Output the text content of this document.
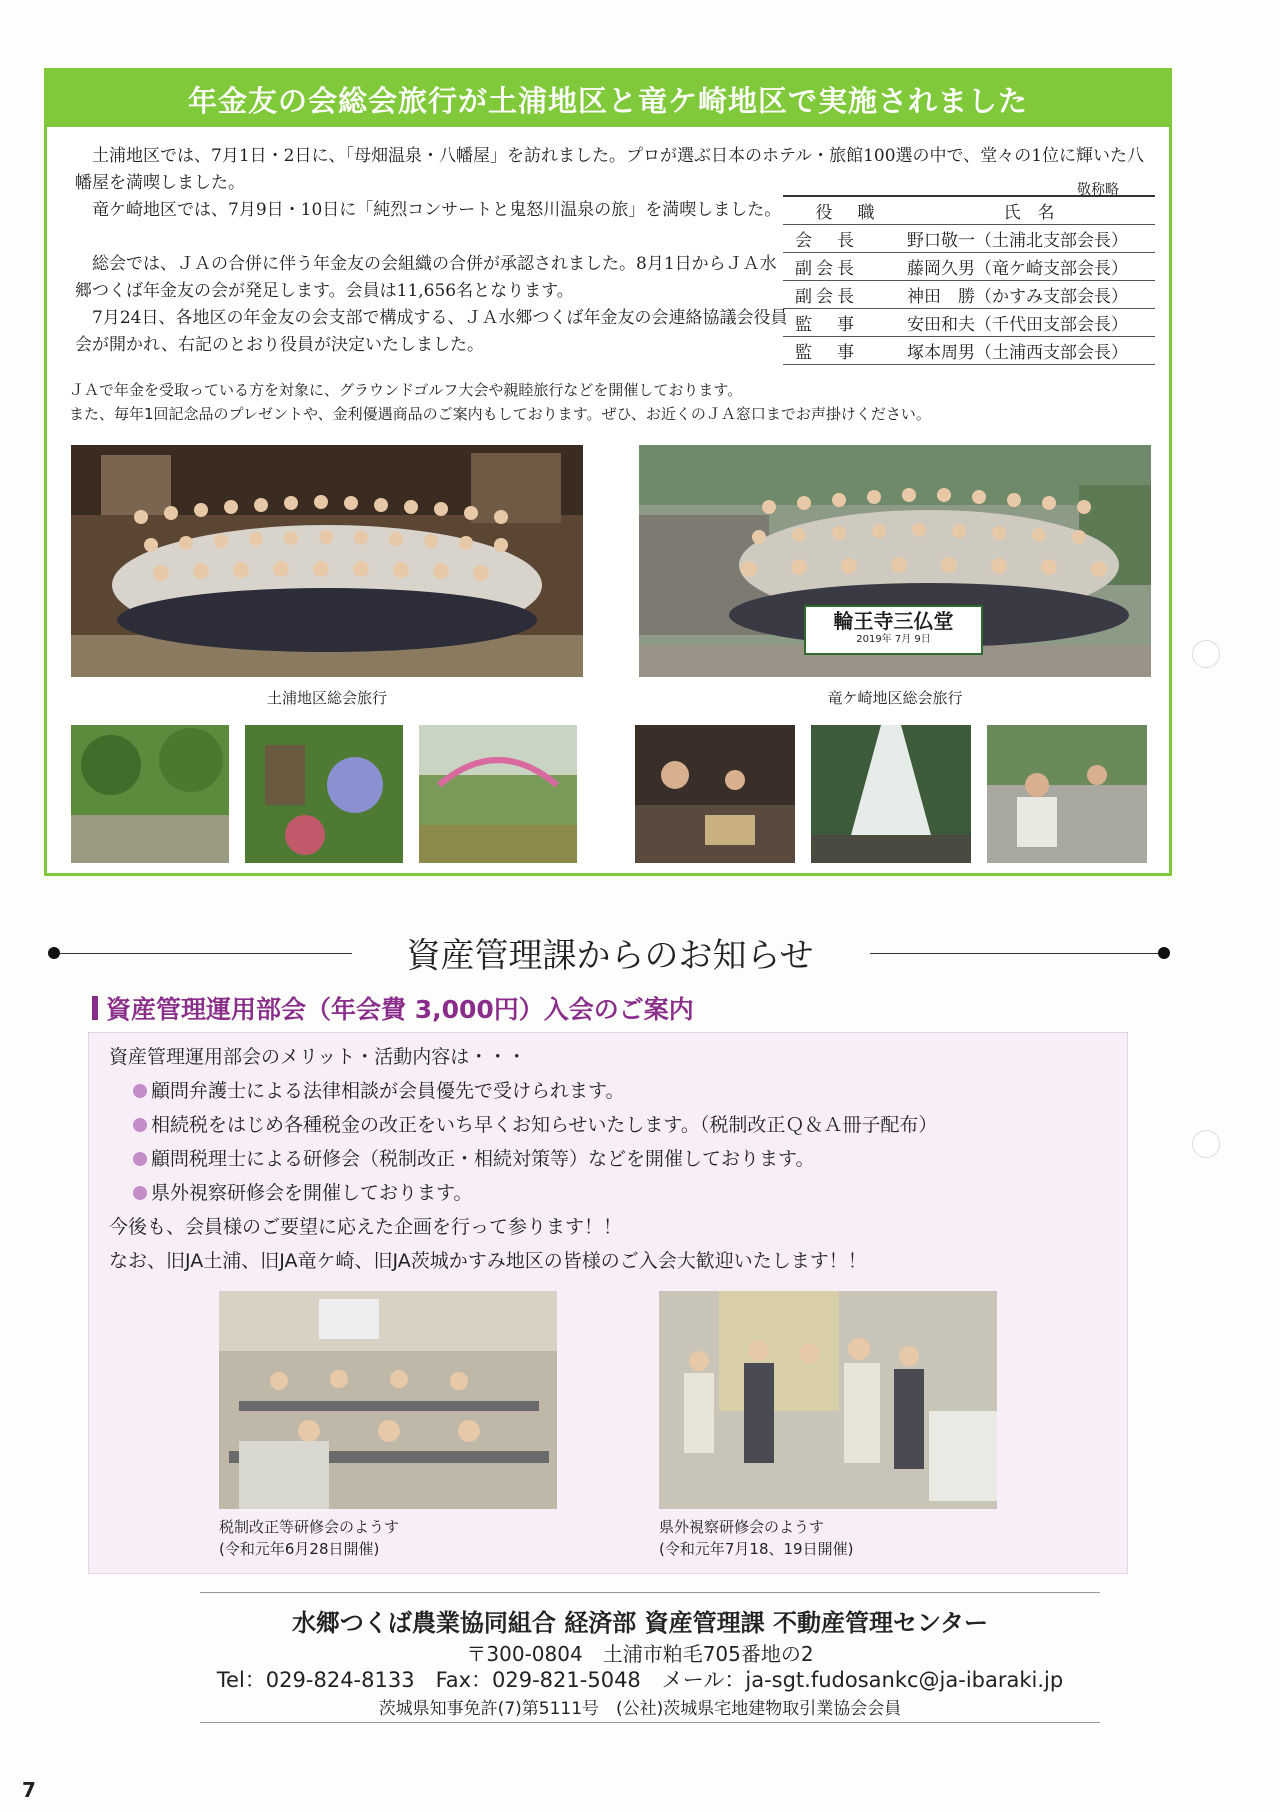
年金友の会総会旅行が土浦地区と竜ケ崎地区で実施されました

土浦地区では、7月1日・2日に、「母畑温泉・八幡屋」を訪れました。プロが選ぶ日本のホテル・旅館100選の中で、堂々の1位に輝いた八幡屋を満喫しました。	敬称略

竜ケ崎地区では、7月9日・10日に「純烈コンサートと鬼怒川温泉の旅」を満喫しました。

総会では、ＪＡの合併に伴う年金友の会組織の合併が承認されました。8月1日からＪＡ水郷つくば年金友の会が発足します。会員は11,656名となります。

7月24日、各地区の年金友の会支部で構成する、ＪＡ水郷つくば年金友の会連絡協議会役員会が開かれ、右記のとおり役員が決定いたしました。

役　職	氏　名
会　長	野口敬一（土浦北支部会長）
副会長	藤岡久男（竜ケ崎支部会長）
副会長	神田　勝（かすみ支部会長）
監　事	安田和夫（千代田支部会長）
監　事	塚本周男（土浦西支部会長）

ＪＡで年金を受取っている方を対象に、グラウンドゴルフ大会や親睦旅行などを開催しております。

また、毎年1回記念品のプレゼントや、金利優遇商品のご案内もしております。ぜひ、お近くのＪＡ窓口までお声掛けください。

土浦地区総会旅行
輪王寺三仏堂
2019年 7月 9日
竜ケ崎地区総会旅行
資産管理課からのお知らせ
資産管理運用部会（年会費 3,000円）入会のご案内
資産管理運用部会のメリット・活動内容は・・・
顧問弁護士による法律相談が会員優先で受けられます。
相続税をはじめ各種税金の改正をいち早くお知らせいたします。（税制改正Ｑ＆Ａ冊子配布）
顧問税理士による研修会（税制改正・相続対策等）などを開催しております。
県外視察研修会を開催しております。
今後も、会員様のご要望に応えた企画を行って参ります！！
なお、旧JA土浦、旧JA竜ケ崎、旧JA茨城かすみ地区の皆様のご入会大歓迎いたします！！
税制改正等研修会のようす
(令和元年6月28日開催)
県外視察研修会のようす
(令和元年7月18、19日開催)
水郷つくば農業協同組合 経済部 資産管理課 不動産管理センター
〒300-0804　土浦市粕毛705番地の2
Tel：029-824-8133　Fax：029-821-5048　メール：ja-sgt.fudosankc@ja-ibaraki.jp
茨城県知事免許(7)第5111号　(公社)茨城県宅地建物取引業協会会員
7
